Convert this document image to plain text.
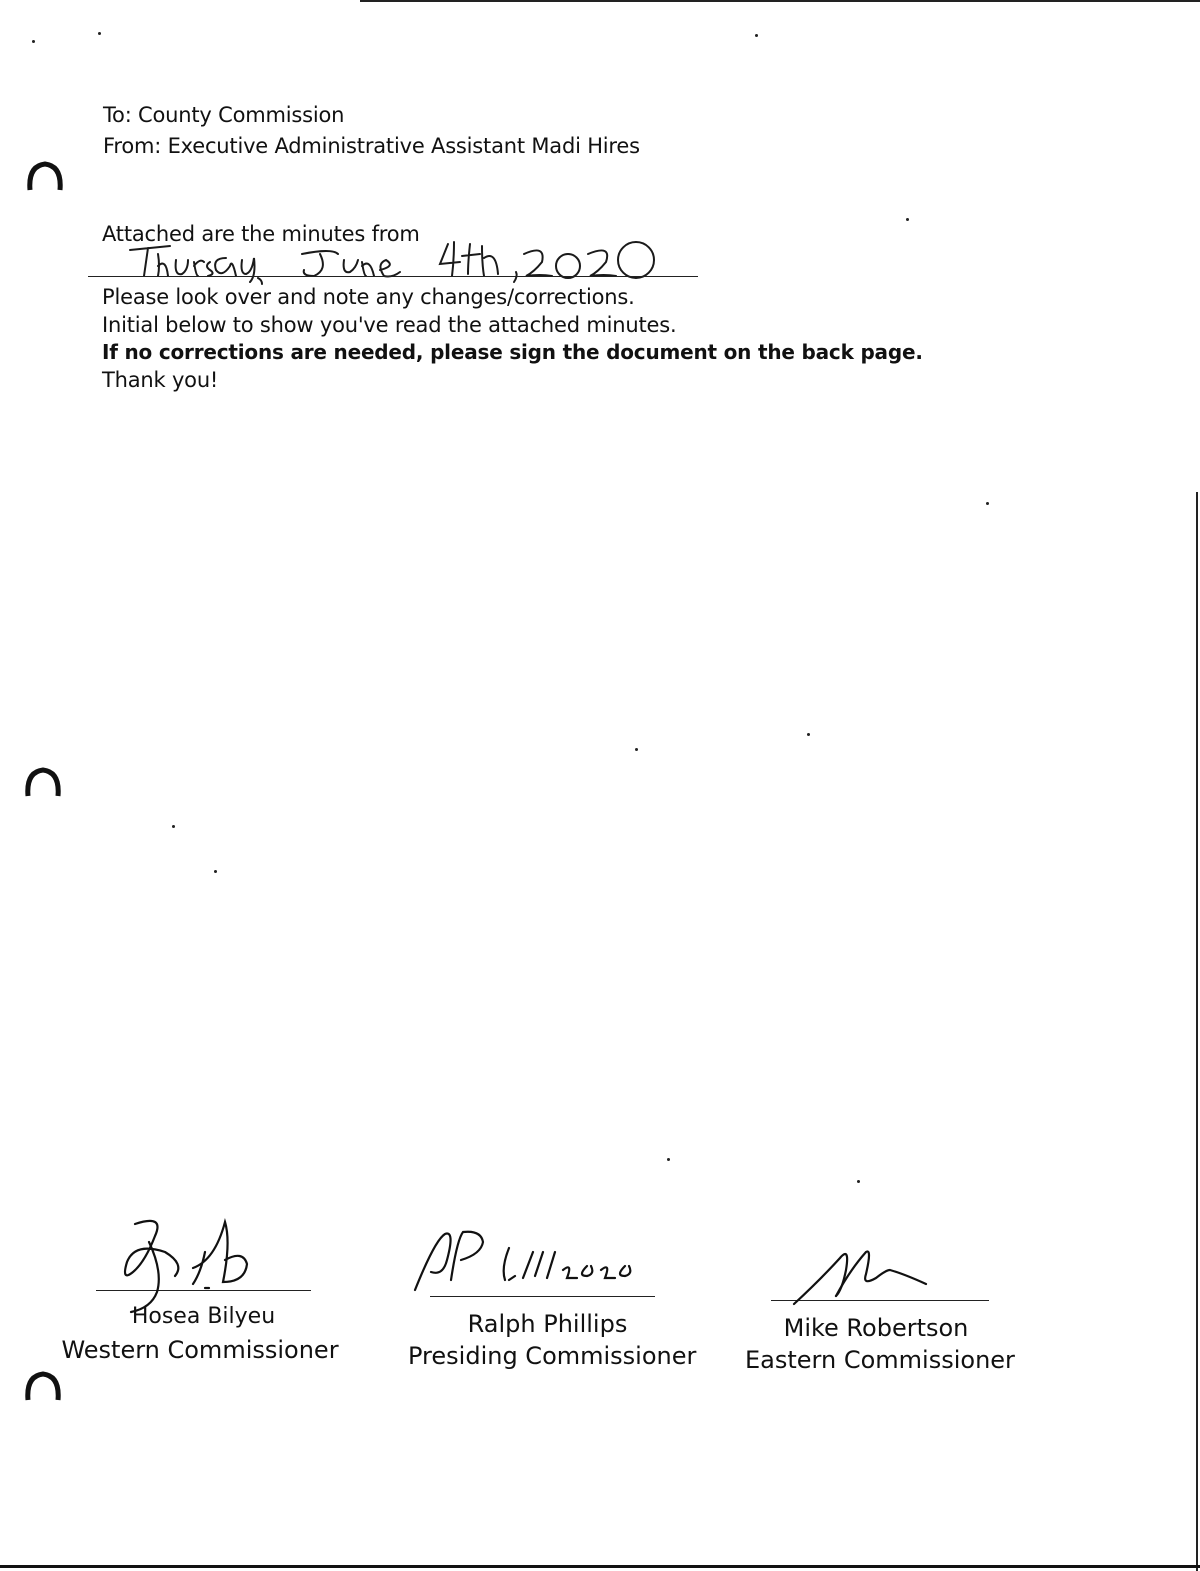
To: County Commission
From: Executive Administrative Assistant Madi Hires
Attached are the minutes from
Please look over and note any changes/corrections.
Initial below to show you've read the attached minutes.
If no corrections are needed, please sign the document on the back page.
Thank you!
Hosea Bilyeu
Western Commissioner
Ralph Phillips
Presiding Commissioner
Mike Robertson
Eastern Commissioner
